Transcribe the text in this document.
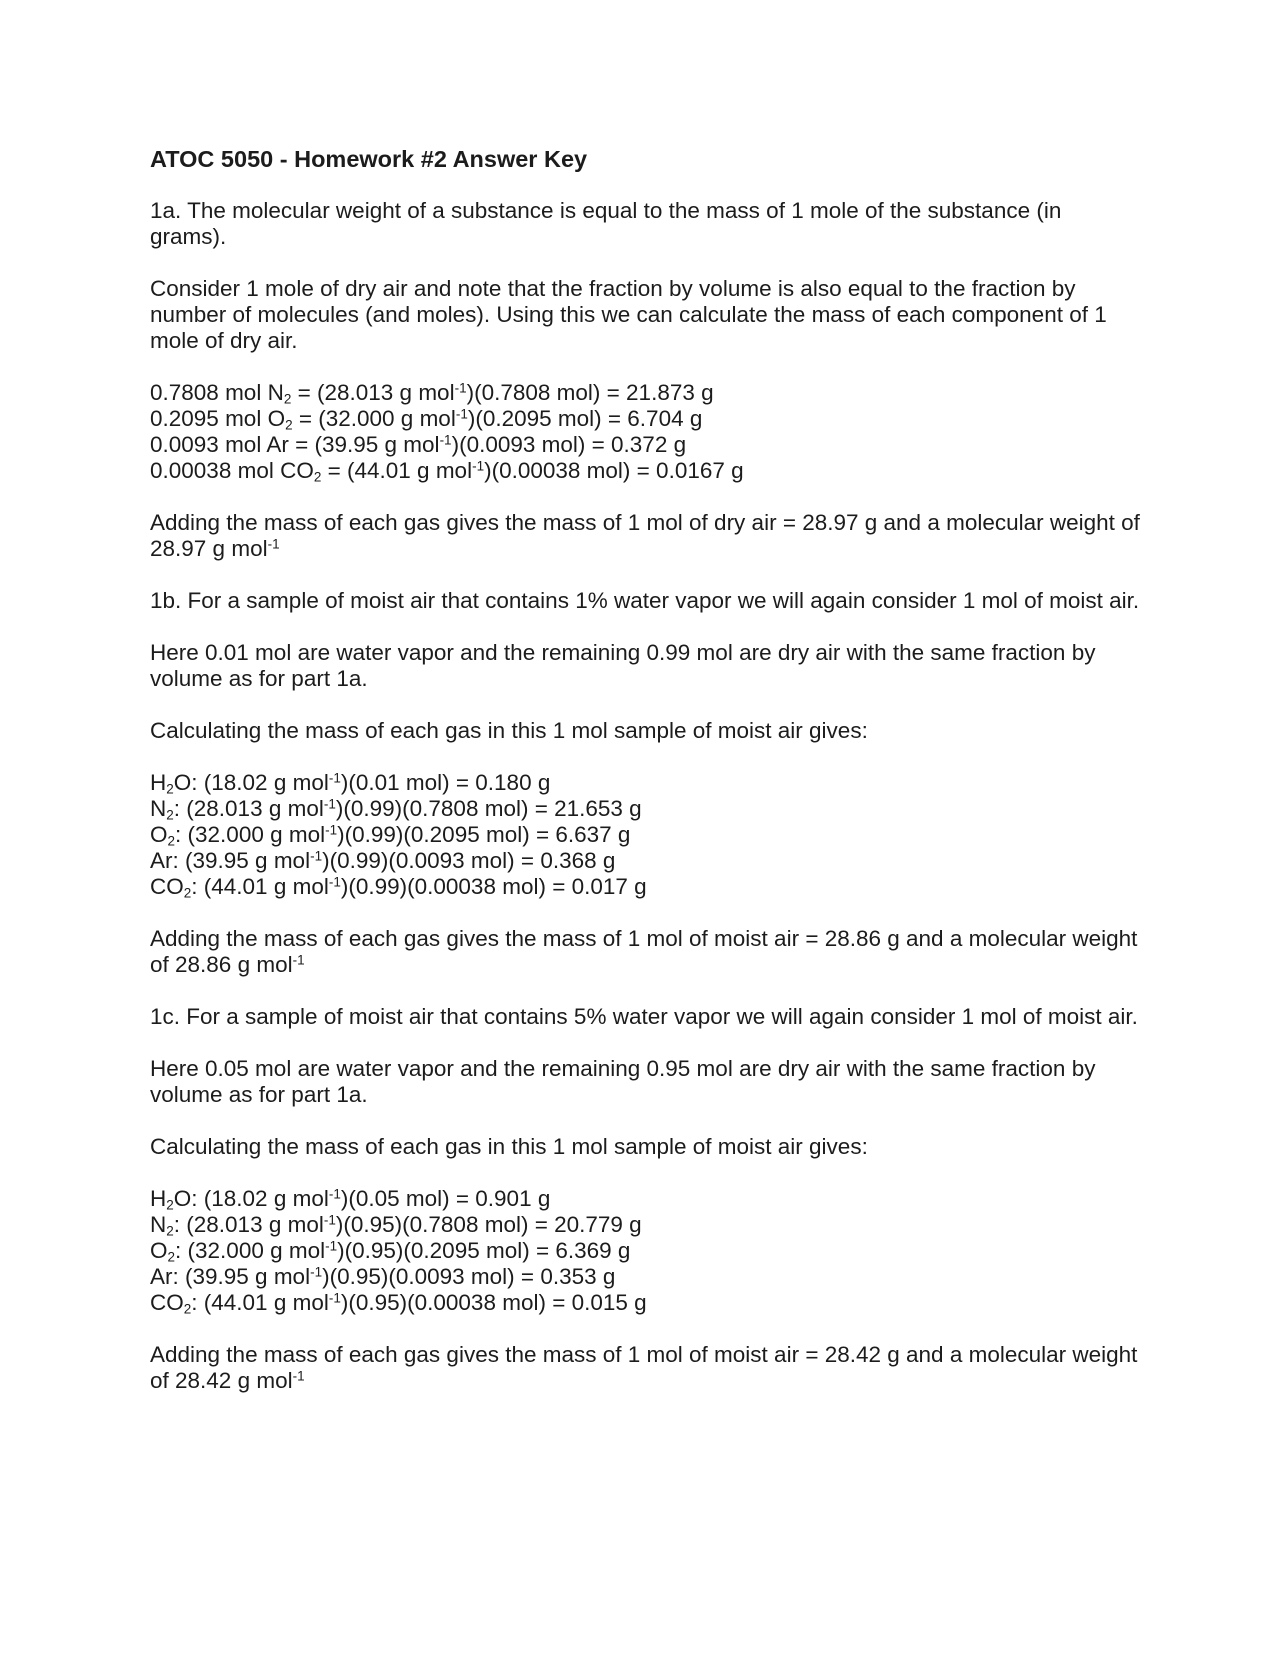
ATOC 5050 - Homework #2 Answer Key
1a. The molecular weight of a substance is equal to the mass of 1 mole of the substance (in grams).
Consider 1 mole of dry air and note that the fraction by volume is also equal to the fraction by number of molecules (and moles). Using this we can calculate the mass of each component of 1 mole of dry air.
0.7808 mol $N_2 = (28.013$ g mol$^{-1}$)(0.7808 mol) = 21.873 g
0.2095 mol $O_2 = (32.000$ g mol$^{-1}$)(0.2095 mol) = 6.704 g
0.0093 mol Ar = (39.95 g mol$^{-1}$)(0.0093 mol) = 0.372 g
0.00038 mol $CO_2 = (44.01$ g mol$^{-1}$)(0.00038 mol) = 0.0167 g
Adding the mass of each gas gives the mass of 1 mol of dry air = 28.97 g and a molecular weight of 28.97 g mol$^{-1}$
1b. For a sample of moist air that contains 1% water vapor we will again consider 1 mol of moist air.
Here 0.01 mol are water vapor and the remaining 0.99 mol are dry air with the same fraction by volume as for part 1a.
Calculating the mass of each gas in this 1 mol sample of moist air gives:
$H_2O$: (18.02 g mol$^{-1}$)(0.01 mol) = 0.180 g
$N_2$: (28.013 g mol$^{-1}$)(0.99)(0.7808 mol) = 21.653 g
$O_2$: (32.000 g mol$^{-1}$)(0.99)(0.2095 mol) = 6.637 g
Ar: (39.95 g mol$^{-1}$)(0.99)(0.0093 mol) = 0.368 g
$CO_2$: (44.01 g mol$^{-1}$)(0.99)(0.00038 mol) = 0.017 g
Adding the mass of each gas gives the mass of 1 mol of moist air = 28.86 g and a molecular weight of 28.86 g mol$^{-1}$
1c. For a sample of moist air that contains 5% water vapor we will again consider 1 mol of moist air.
Here 0.05 mol are water vapor and the remaining 0.95 mol are dry air with the same fraction by volume as for part 1a.
Calculating the mass of each gas in this 1 mol sample of moist air gives:
$H_2O$: (18.02 g mol$^{-1}$)(0.05 mol) = 0.901 g
$N_2$: (28.013 g mol$^{-1}$)(0.95)(0.7808 mol) = 20.779 g
$O_2$: (32.000 g mol$^{-1}$)(0.95)(0.2095 mol) = 6.369 g
Ar: (39.95 g mol$^{-1}$)(0.95)(0.0093 mol) = 0.353 g
$CO_2$: (44.01 g mol$^{-1}$)(0.95)(0.00038 mol) = 0.015 g
Adding the mass of each gas gives the mass of 1 mol of moist air = 28.42 g and a molecular weight of 28.42 g mol$^{-1}$
